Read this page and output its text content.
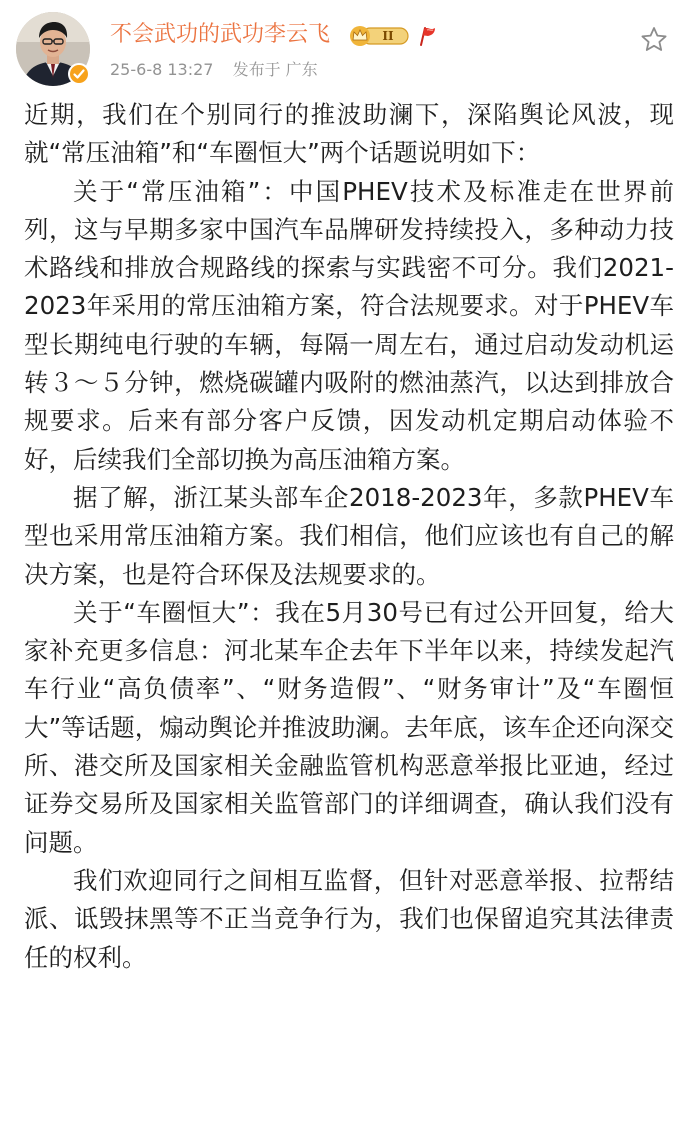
不会武功的武功李云飞	II
25-6-8 13:27 发布于 广东

近期，我们在个别同行的推波助澜下，深陷舆论风波，现就“常压油箱”和“车圈恒大”两个话题说明如下：

关于“常压油箱”：中国PHEV技术及标准走在世界前列，这与早期多家中国汽车品牌研发持续投入，多种动力技术路线和排放合规路线的探索与实践密不可分。我们2021-2023年采用的常压油箱方案，符合法规要求。对于PHEV车型长期纯电行驶的车辆，每隔一周左右，通过启动发动机运转３～５分钟，燃烧碳罐内吸附的燃油蒸汽，以达到排放合规要求。后来有部分客户反馈，因发动机定期启动体验不好，后续我们全部切换为高压油箱方案。

据了解，浙江某头部车企2018-2023年，多款PHEV车型也采用常压油箱方案。我们相信，他们应该也有自己的解决方案，也是符合环保及法规要求的。

关于“车圈恒大”：我在5月30号已有过公开回复，给大家补充更多信息：河北某车企去年下半年以来，持续发起汽车行业“高负债率”、“财务造假”、“财务审计”及“车圈恒大”等话题，煽动舆论并推波助澜。去年底，该车企还向深交所、港交所及国家相关金融监管机构恶意举报比亚迪，经过证券交易所及国家相关监管部门的详细调查，确认我们没有问题。

我们欢迎同行之间相互监督，但针对恶意举报、拉帮结派、诋毁抹黑等不正当竞争行为，我们也保留追究其法律责任的权利。
